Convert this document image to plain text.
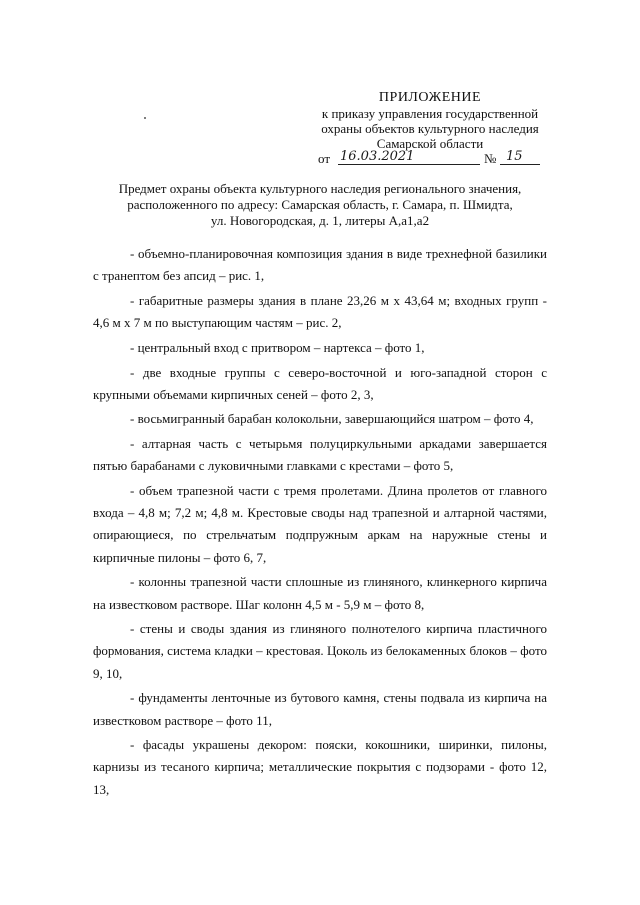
ПРИЛОЖЕНИЕ
к приказу управления государственной
охраны объектов культурного наследия
Самарской области
от 16.03.2021	№ 15
Предмет охраны объекта культурного наследия регионального значения,
расположенного по адресу: Самарская область, г. Самара, п. Шмидта,
ул. Новогородская, д. 1, литеры А,а1,а2

- объемно-планировочная композиция здания в виде трехнефной базилики с транептом без апсид – рис. 1,

- габаритные размеры здания в плане 23,26 м х 43,64 м; входных групп - 4,6 м х 7 м по выступающим частям – рис. 2,

- центральный вход с притвором – нартекса – фото 1,

- две входные группы с северо-восточной и юго-западной сторон с крупными объемами кирпичных сеней – фото 2, 3,

- восьмигранный барабан колокольни, завершающийся шатром – фото 4,

- алтарная часть с четырьмя полуциркульными аркадами завершается пятью барабанами с луковичными главками с крестами – фото 5,

- объем трапезной части с тремя пролетами. Длина пролетов от главного входа – 4,8 м; 7,2 м; 4,8 м. Крестовые своды над трапезной и алтарной частями, опирающиеся, по стрельчатым подпружным аркам на наружные стены и кирпичные пилоны – фото 6, 7,

- колонны трапезной части сплошные из глиняного, клинкерного кирпича на известковом растворе. Шаг колонн 4,5 м - 5,9 м – фото 8,

- стены и своды здания из глиняного полнотелого кирпича пластичного формования, система кладки – крестовая. Цоколь из белокаменных блоков – фото 9, 10,

- фундаменты ленточные из бутового камня, стены подвала из кирпича на известковом растворе – фото 11,

- фасады украшены декором: пояски, кокошники, ширинки, пилоны, карнизы из тесаного кирпича; металлические покрытия с подзорами - фото 12, 13,
